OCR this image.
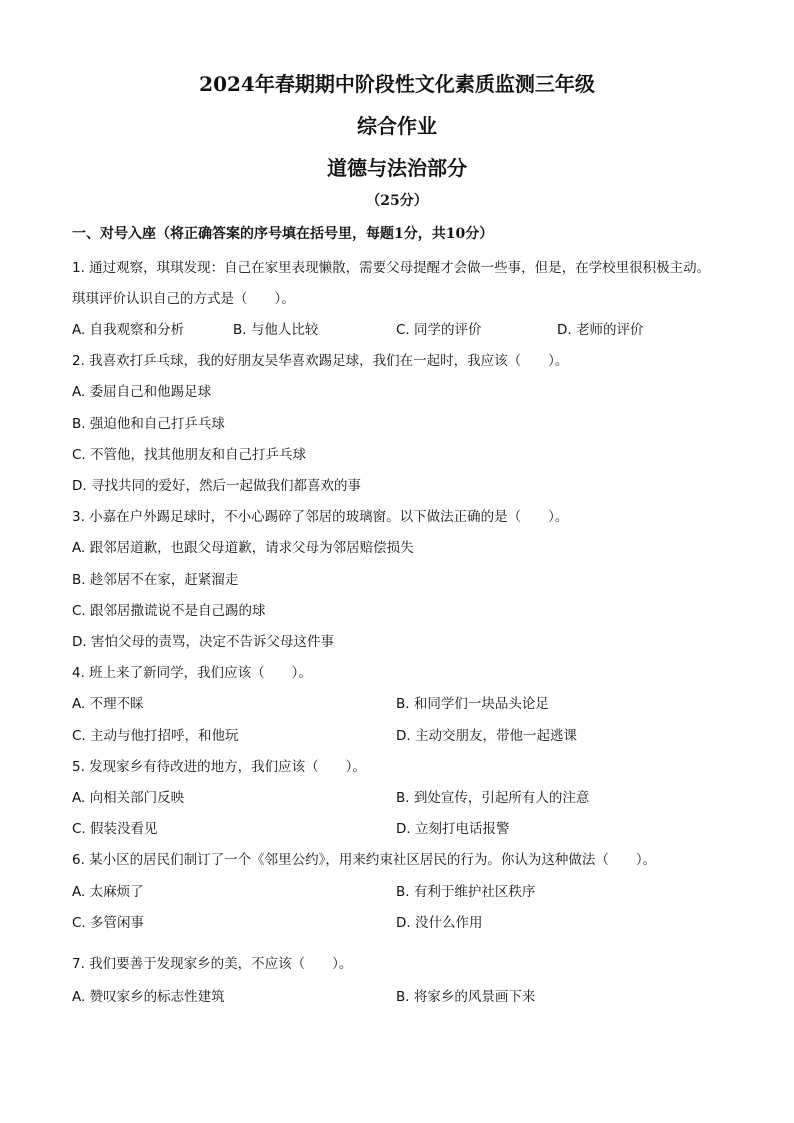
2024年春期期中阶段性文化素质监测三年级
综合作业
道德与法治部分
（25分）
一、对号入座（将正确答案的序号填在括号里，每题1分，共10分）
1. 通过观察，琪琪发现：自己在家里表现懒散，需要父母提醒才会做一些事，但是，在学校里很积极主动。
琪琪评价认识自己的方式是（　　）。
A. 自我观察和分析	B. 与他人比较	C. 同学的评价	D. 老师的评价
2. 我喜欢打乒乓球，我的好朋友吴华喜欢踢足球，我们在一起时，我应该（　　）。
A. 委屈自己和他踢足球
B. 强迫他和自己打乒乓球
C. 不管他，找其他朋友和自己打乒乓球
D. 寻找共同的爱好，然后一起做我们都喜欢的事
3. 小嘉在户外踢足球时，不小心踢碎了邻居的玻璃窗。以下做法正确的是（　　）。
A. 跟邻居道歉，也跟父母道歉，请求父母为邻居赔偿损失
B. 趁邻居不在家，赶紧溜走
C. 跟邻居撒谎说不是自己踢的球
D. 害怕父母的责骂，决定不告诉父母这件事
4. 班上来了新同学，我们应该（　　）。
A. 不理不睬	B. 和同学们一块品头论足
C. 主动与他打招呼，和他玩	D. 主动交朋友，带他一起逃课
5. 发现家乡有待改进的地方，我们应该（　　）。
A. 向相关部门反映	B. 到处宣传，引起所有人的注意
C. 假装没看见	D. 立刻打电话报警
6. 某小区的居民们制订了一个《邻里公约》，用来约束社区居民的行为。你认为这种做法（　　）。
A. 太麻烦了	B. 有利于维护社区秩序
C. 多管闲事	D. 没什么作用
7. 我们要善于发现家乡的美，不应该（　　）。
A. 赞叹家乡的标志性建筑	B. 将家乡的风景画下来
